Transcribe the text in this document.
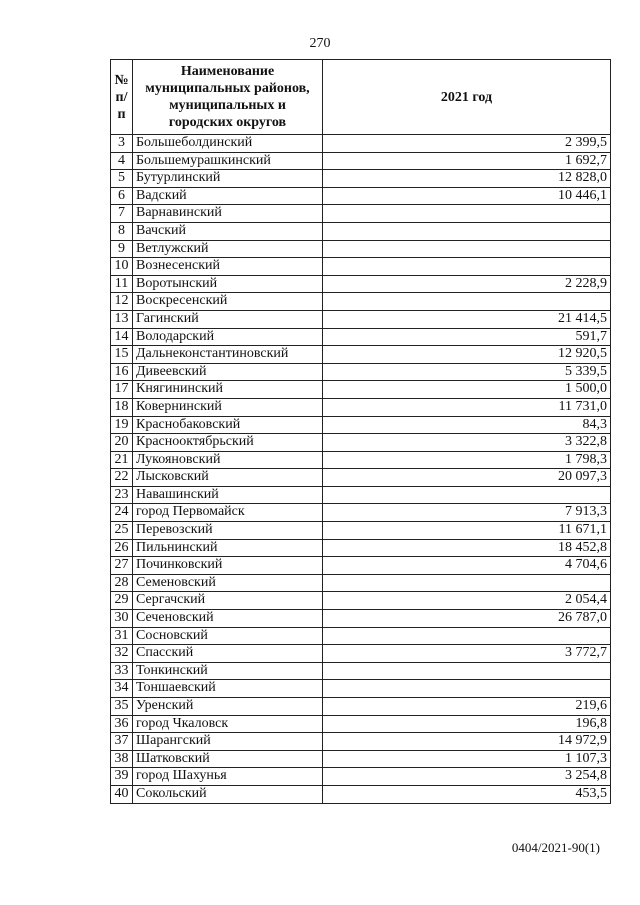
270
№ п/п	Наименование муниципальных районов, муниципальных и городских округов	2021 год
3	Большеболдинский	2 399,5
4	Большемурашкинский	1 692,7
5	Бутурлинский	12 828,0
6	Вадский	10 446,1
7	Варнавинский	
8	Вачский	
9	Ветлужский	
10	Вознесенский	
11	Воротынский	2 228,9
12	Воскресенский	
13	Гагинский	21 414,5
14	Володарский	591,7
15	Дальнеконстантиновский	12 920,5
16	Дивеевский	5 339,5
17	Княгининский	1 500,0
18	Ковернинский	11 731,0
19	Краснобаковский	84,3
20	Краснооктябрьский	3 322,8
21	Лукояновский	1 798,3
22	Лысковский	20 097,3
23	Навашинский	
24	город Первомайск	7 913,3
25	Перевозский	11 671,1
26	Пильнинский	18 452,8
27	Починковский	4 704,6
28	Семеновский	
29	Сергачский	2 054,4
30	Сеченовский	26 787,0
31	Сосновский	
32	Спасский	3 772,7
33	Тонкинский	
34	Тоншаевский	
35	Уренский	219,6
36	город Чкаловск	196,8
37	Шарангский	14 972,9
38	Шатковский	1 107,3
39	город Шахунья	3 254,8
40	Сокольский	453,5
0404/2021-90(1)
